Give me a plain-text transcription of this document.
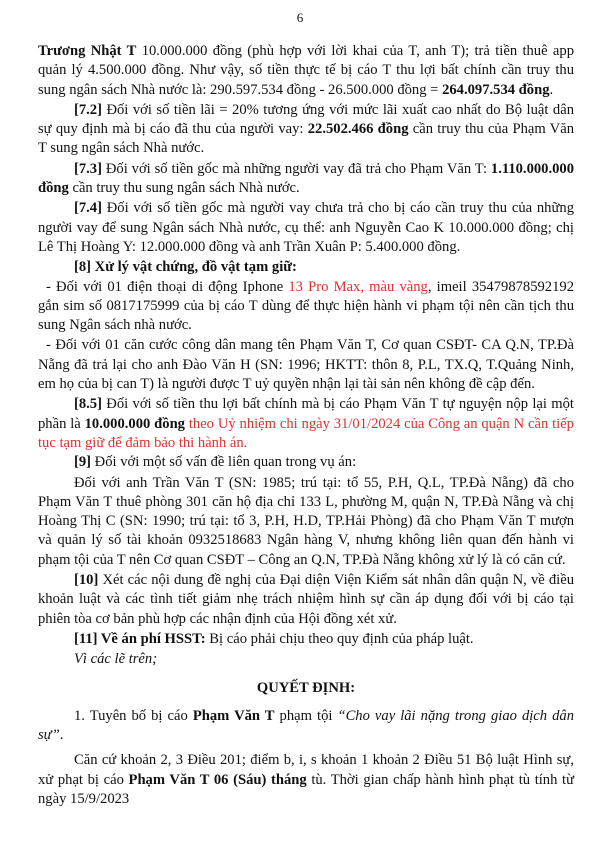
6

Trương Nhật T 10.000.000 đồng (phù hợp với lời khai của T, anh T); trả tiền thuê app quản lý 4.500.000 đồng. Như vậy, số tiền thực tế bị cáo T thu lợi bất chính cần truy thu sung ngân sách Nhà nước là: 290.597.534 đồng - 26.500.000 đồng = 264.097.534 đồng.

[7.2] Đối với số tiền lãi = 20% tương ứng với mức lãi xuất cao nhất do Bộ luật dân sự quy định mà bị cáo đã thu của người vay: 22.502.466 đồng cần truy thu của Phạm Văn T sung ngân sách Nhà nước.

[7.3] Đối với số tiền gốc mà những người vay đã trả cho Phạm Văn T: 1.110.000.000 đồng cần truy thu sung ngân sách Nhà nước.

[7.4] Đối với số tiền gốc mà người vay chưa trả cho bị cáo cần truy thu của những người vay để sung Ngân sách Nhà nước, cụ thể: anh Nguyễn Cao K 10.000.000 đồng; chị Lê Thị Hoàng Y: 12.000.000 đồng và anh Trần Xuân P: 5.400.000 đồng.

[8] Xử lý vật chứng, đồ vật tạm giữ:

- Đối với 01 điện thoại di động Iphone 13 Pro Max, màu vàng, imeil 35479878592192 gắn sim số 0817175999 của bị cáo T dùng để thực hiện hành vi phạm tội nên cần tịch thu sung Ngân sách nhà nước.

- Đối với 01 căn cước công dân mang tên Phạm Văn T, Cơ quan CSĐT- CA Q.N, TP.Đà Nẵng đã trả lại cho anh Đào Văn H (SN: 1996; HKTT: thôn 8, P.L, TX.Q, T.Quảng Ninh, em họ của bị can T) là người được T uỷ quyền nhận lại tài sản nên không đề cập đến.

[8.5] Đối với số tiền thu lợi bất chính mà bị cáo Phạm Văn T tự nguyện nộp lại một phần là 10.000.000 đồng theo Uỷ nhiệm chi ngày 31/01/2024 của Công an quận N cần tiếp tục tạm giữ để đảm bảo thi hành án.

[9] Đối với một số vấn đề liên quan trong vụ án:

Đối với anh Trần Văn T (SN: 1985; trú tại: tổ 55, P.H, Q.L, TP.Đà Nẵng) đã cho Phạm Văn T thuê phòng 301 căn hộ địa chỉ 133 L, phường M, quận N, TP.Đà Nẵng và chị Hoàng Thị C (SN: 1990; trú tại: tổ 3, P.H, H.D, TP.Hải Phòng) đã cho Phạm Văn T mượn và quản lý số tài khoản 0932518683 Ngân hàng V, nhưng không liên quan đến hành vi phạm tội của T nên Cơ quan CSĐT – Công an Q.N, TP.Đà Nẵng không xử lý là có căn cứ.

[10] Xét các nội dung đề nghị của Đại diện Viện Kiểm sát nhân dân quận N, về điều khoản luật và các tình tiết giảm nhẹ trách nhiệm hình sự cần áp dụng đối với bị cáo tại phiên tòa cơ bản phù hợp các nhận định của Hội đồng xét xử.

[11] Về án phí HSST: Bị cáo phải chịu theo quy định của pháp luật.

Vì các lẽ trên;

QUYẾT ĐỊNH:

1. Tuyên bố bị cáo Phạm Văn T phạm tội “Cho vay lãi nặng trong giao dịch dân sự”.

Căn cứ khoản 2, 3 Điều 201; điểm b, i, s khoản 1 khoản 2 Điều 51 Bộ luật Hình sự, xử phạt bị cáo Phạm Văn T 06 (Sáu) tháng tù. Thời gian chấp hành hình phạt tù tính từ ngày 15/9/2023
